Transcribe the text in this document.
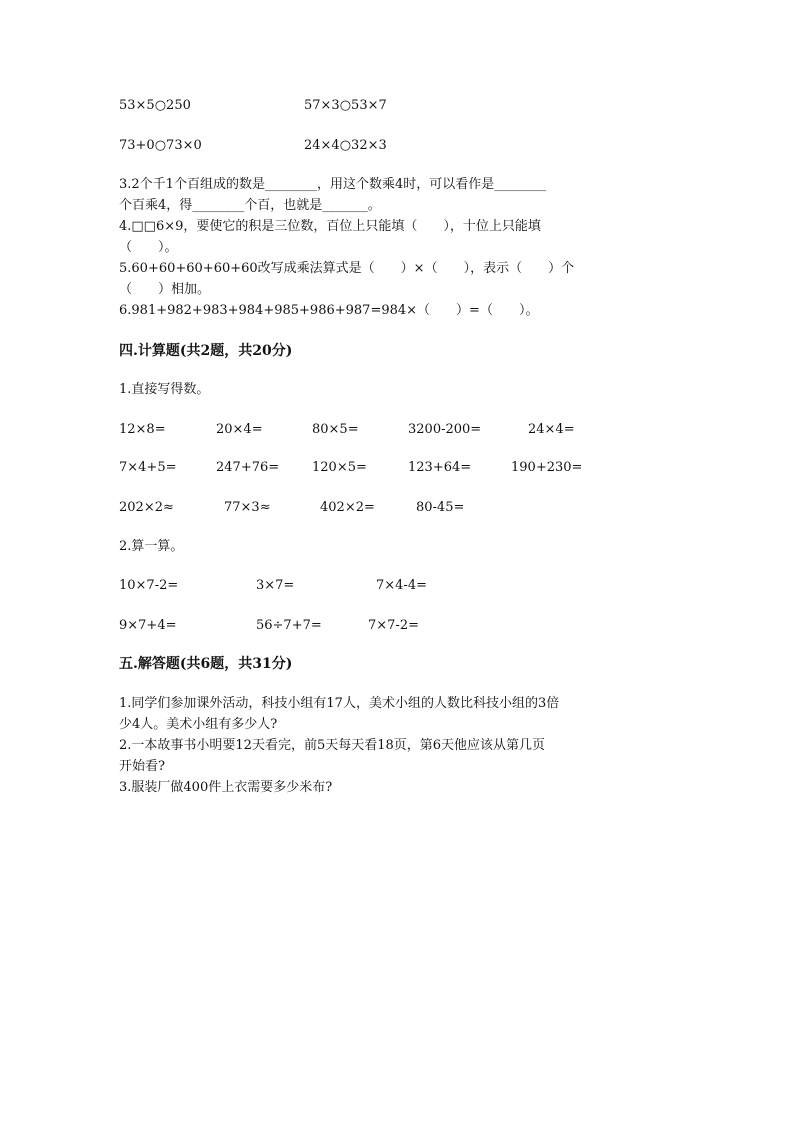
53×5○250	57×3○53×7
73+0○73×0	24×4○32×3
3.2个千1个百组成的数是________，用这个数乘4时，可以看作是________
个百乘4，得________个百，也就是_______。
4.□□6×9，要使它的积是三位数，百位上只能填（　　），十位上只能填
（　　）。
5.60+60+60+60+60改写成乘法算式是（　　）×（　　），表示（　　）个
（　　）相加。
6.981+982+983+984+985+986+987=984×（　　）=（　　）。
四.计算题(共2题，共20分)
1.直接写得数。
12×8=	20×4=	80×5=	3200-200=	24×4=
7×4+5=	247+76=	120×5=	123+64=	190+230=
202×2≈	77×3≈	402×2=	80-45=
2.算一算。
10×7-2=	3×7=	7×4-4=
9×7+4=	56÷7+7=	7×7-2=
五.解答题(共6题，共31分)
1.同学们参加课外活动，科技小组有17人，美术小组的人数比科技小组的3倍
少4人。美术小组有多少人?
2.一本故事书小明要12天看完，前5天每天看18页，第6天他应该从第几页
开始看?
3.服装厂做400件上衣需要多少米布?
